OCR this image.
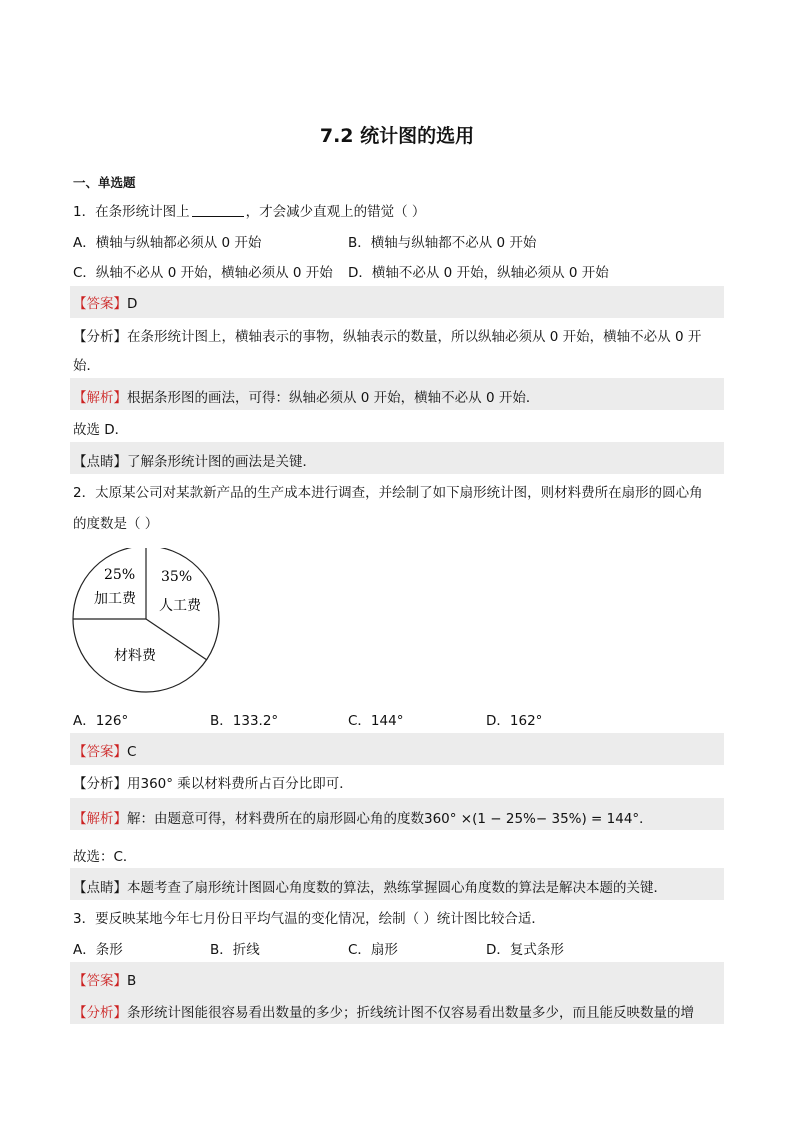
7.2 统计图的选用
一、单选题
1．在条形统计图上	，才会减少直观上的错觉（ ）
A．横轴与纵轴都必须从 0 开始	B．横轴与纵轴都不必从 0 开始
C．纵轴不必从 0 开始，横轴必须从 0 开始 D．横轴不必从 0 开始，纵轴必须从 0 开始
【答案】D
【分析】在条形统计图上，横轴表示的事物，纵轴表示的数量，所以纵轴必须从 0 开始，横轴不必从 0 开
始．
【解析】根据条形图的画法，可得：纵轴必须从 0 开始，横轴不必从 0 开始．
故选 D．
【点睛】了解条形统计图的画法是关键．
2．太原某公司对某款新产品的生产成本进行调查，并绘制了如下扇形统计图，则材料费所在扇形的圆心角
的度数是（ ）
25%
加工费
35%
人工费
材料费
A．126°	B．133.2°	C．144°	D．162°
【答案】C
【分析】用360° 乘以材料费所占百分比即可．
【解析】解：由题意可得，材料费所在的扇形圆心角的度数360° ×(1 − 25%− 35%) = 144°．
故选：C．
【点睛】本题考查了扇形统计图圆心角度数的算法，熟练掌握圆心角度数的算法是解决本题的关键．
3．要反映某地今年七月份日平均气温的变化情况，绘制（ ）统计图比较合适．
A．条形	B．折线	C．扇形	D．复式条形
【答案】B
【分析】条形统计图能很容易看出数量的多少；折线统计图不仅容易看出数量多少，而且能反映数量的增
